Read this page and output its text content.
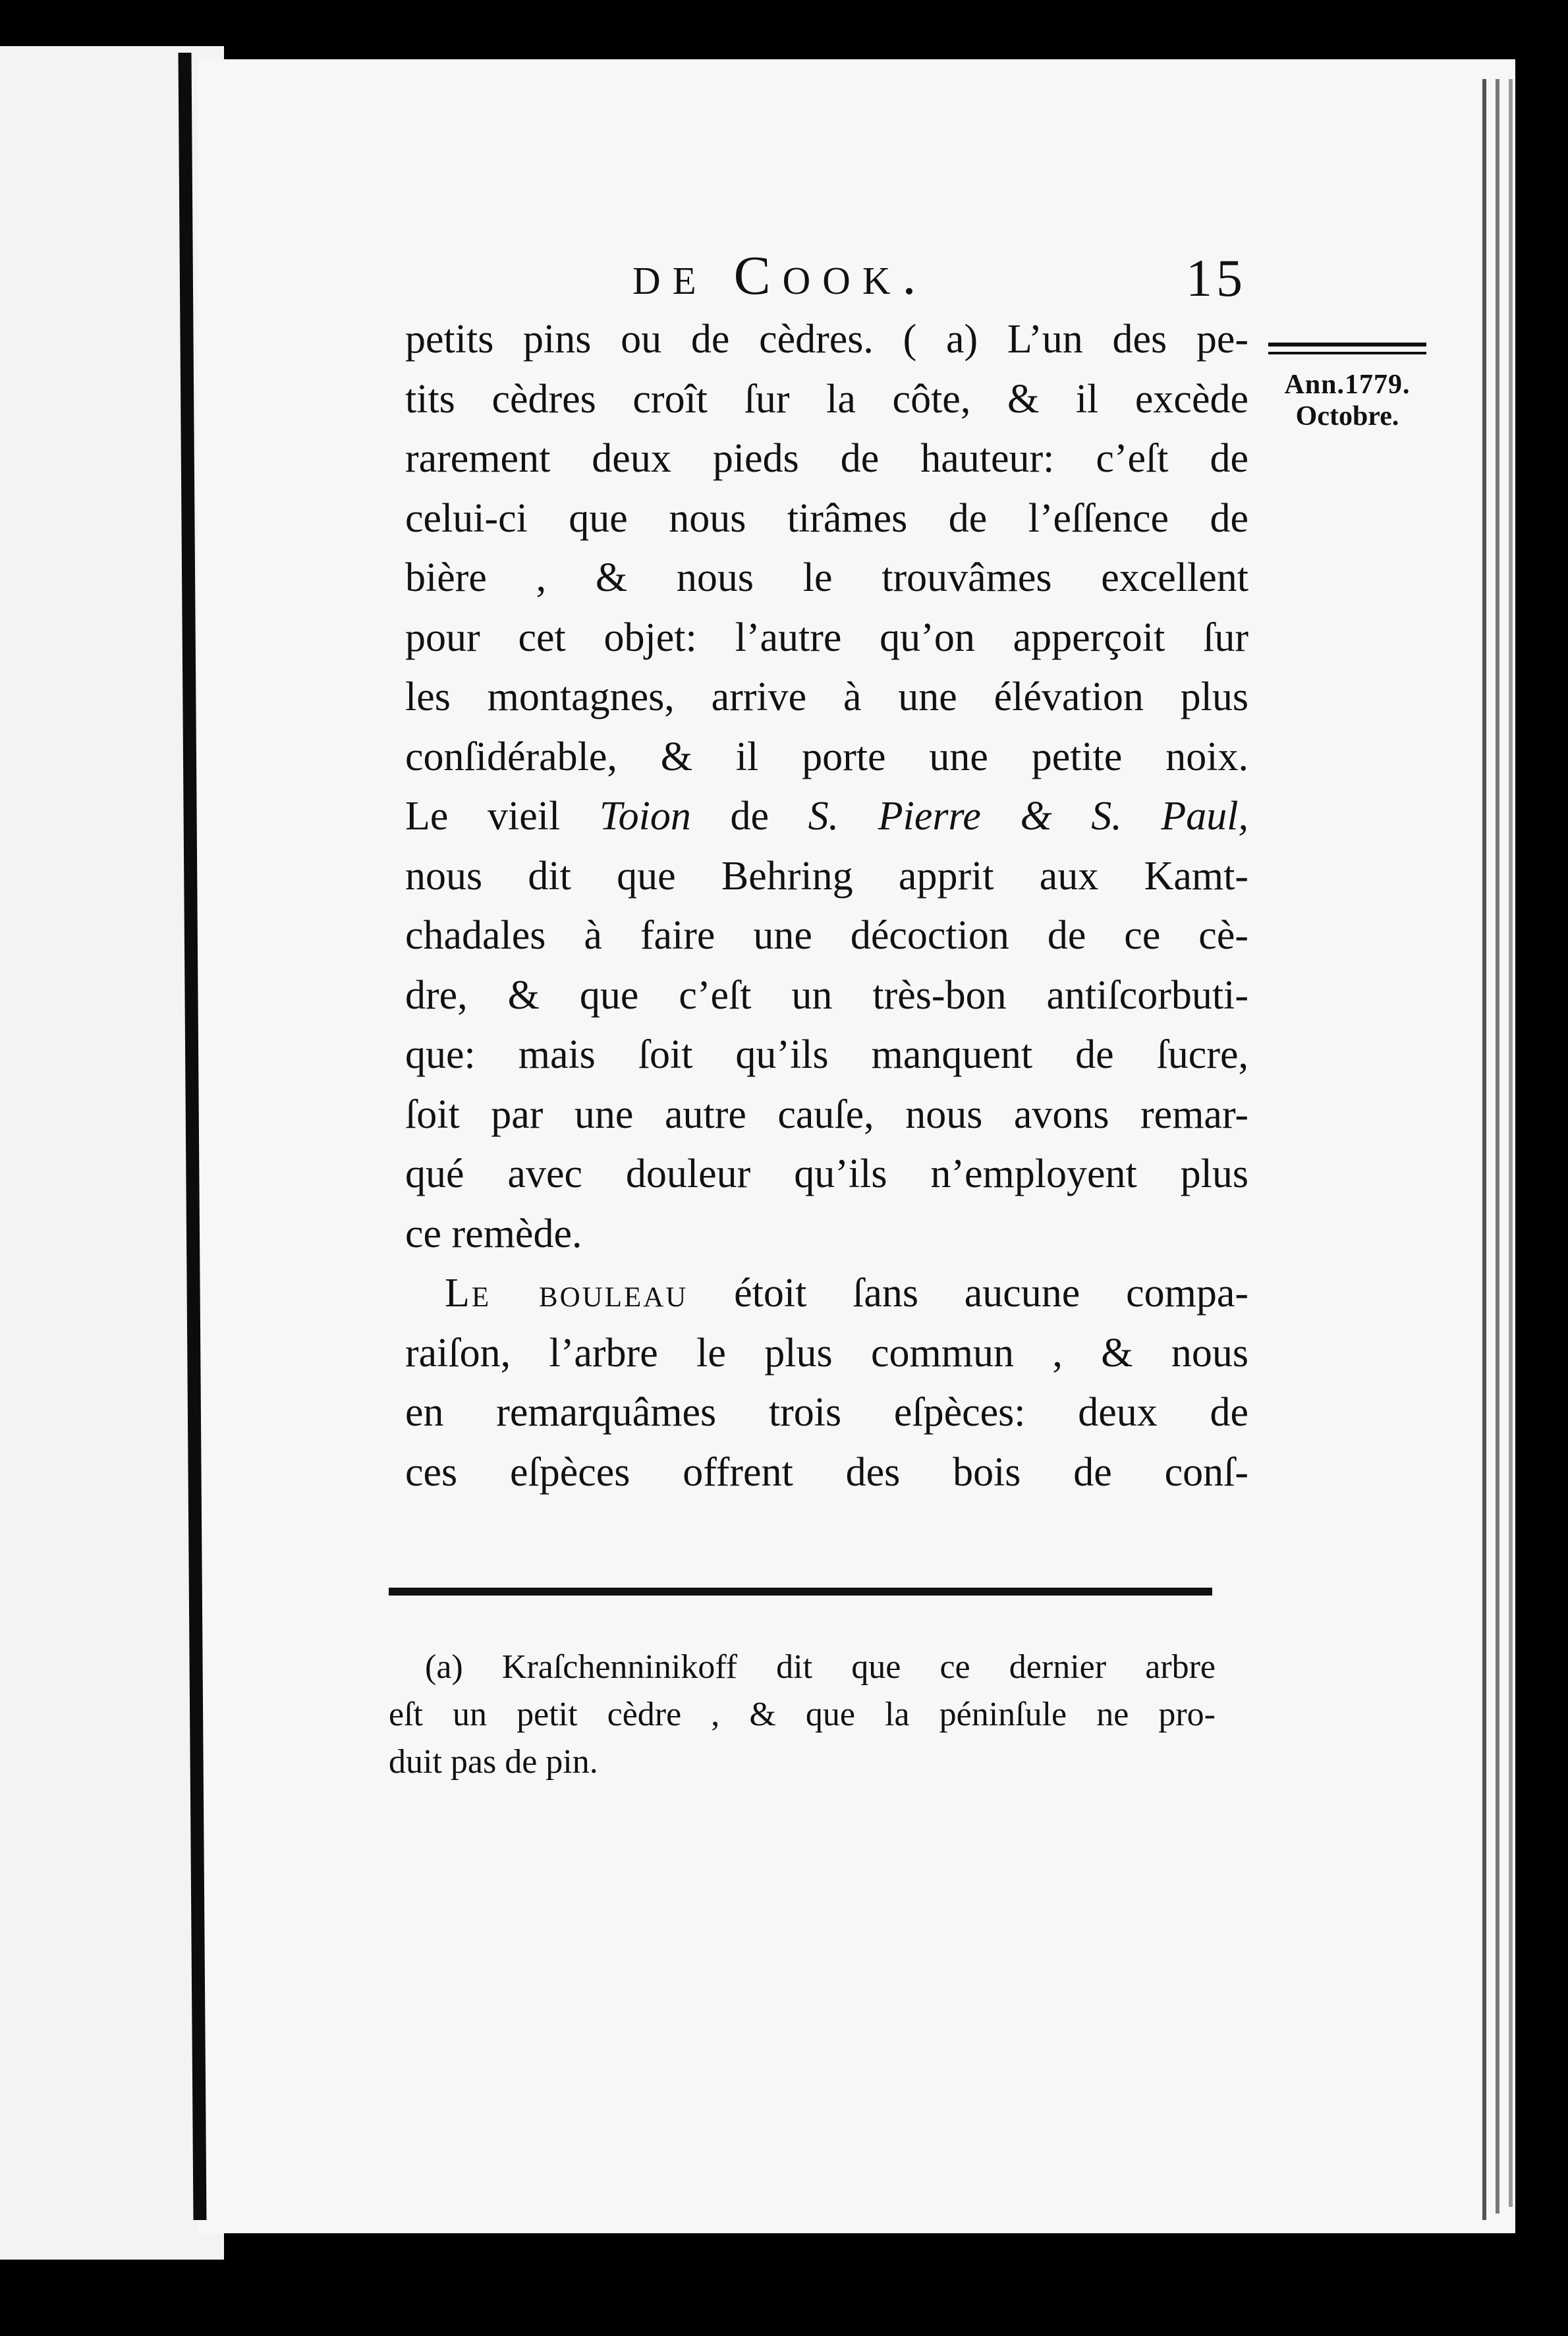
de Cook.	15
Ann.1779.
Octobre.
petits pins ou de cèdres. ( a) L’un des pe-
tits cèdres croît ſur la côte, & il excède
rarement deux pieds de hauteur: c’eſt de
celui-ci que nous tirâmes de l’eſſence de
bière , & nous le trouvâmes excellent
pour cet objet: l’autre qu’on apperçoit ſur
les montagnes, arrive à une élévation plus
conſidérable, & il porte une petite noix.
Le vieil Toion de S. Pierre & S. Paul,
nous dit que Behring apprit aux Kamt-
chadales à faire une décoction de ce cè-
dre, & que c’eſt un très-bon antiſcorbuti-
que: mais ſoit qu’ils manquent de ſucre,
ſoit par une autre cauſe, nous avons remar-
qué avec douleur qu’ils n’employent plus
ce remède.
Le bouleau étoit ſans aucune compa-
raiſon, l’arbre le plus commun , & nous
en remarquâmes trois eſpèces: deux de
ces eſpèces offrent des bois de conſ-
(a) Kraſchenninikoff dit que ce dernier arbre
eſt un petit cèdre , & que la péninſule ne pro-
duit pas de pin.
